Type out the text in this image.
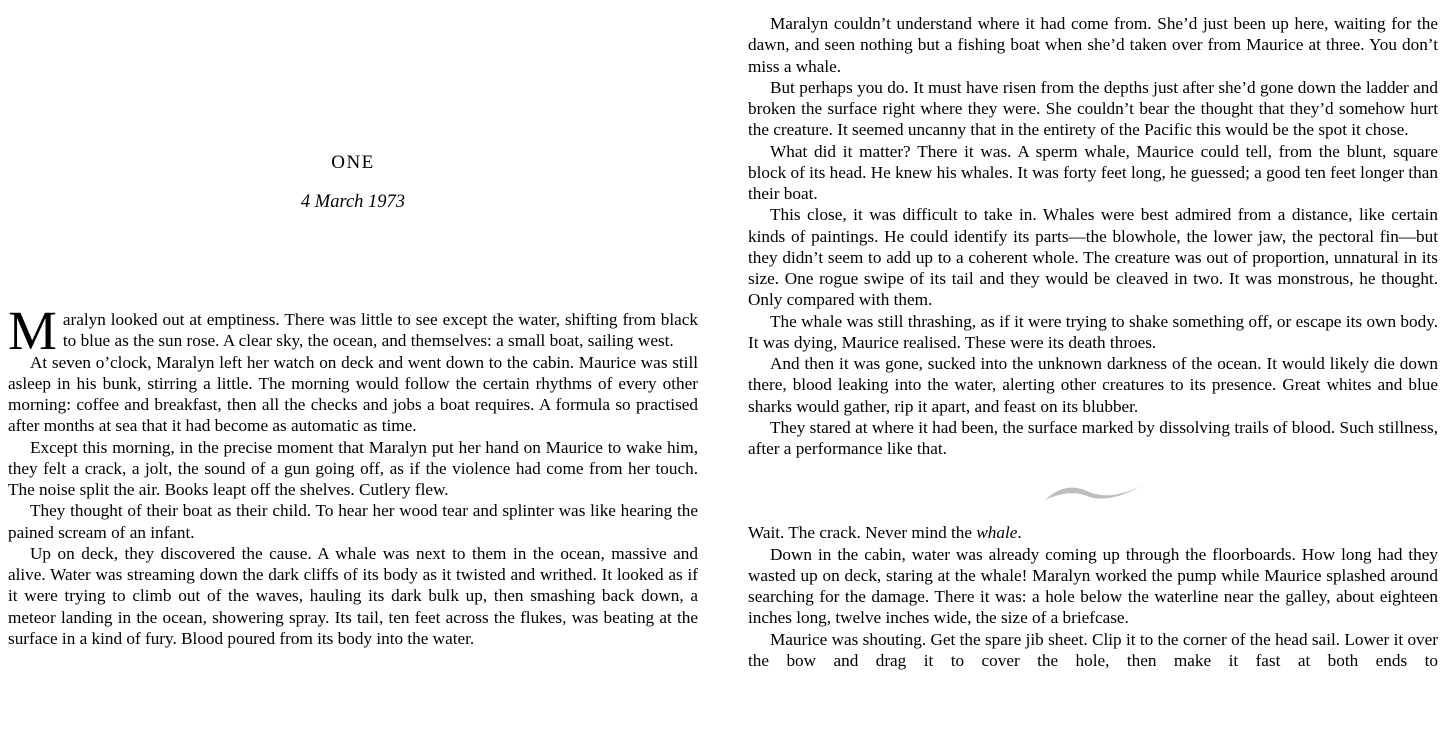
ONE
4 March 1973

Maralyn looked out at emptiness. There was little to see except the water, shifting from black to blue as the sun rose. A clear sky, the ocean, and themselves: a small boat, sailing west.

At seven o’clock, Maralyn left her watch on deck and went down to the cabin. Maurice was still asleep in his bunk, stirring a little. The morning would follow the certain rhythms of every other morning: coffee and breakfast, then all the checks and jobs a boat requires. A formula so practised after months at sea that it had become as automatic as time.

Except this morning, in the precise moment that Maralyn put her hand on Maurice to wake him, they felt a crack, a jolt, the sound of a gun going off, as if the violence had come from her touch. The noise split the air. Books leapt off the shelves. Cutlery flew.

They thought of their boat as their child. To hear her wood tear and splinter was like hearing the pained scream of an infant.

Up on deck, they discovered the cause. A whale was next to them in the ocean, massive and alive. Water was streaming down the dark cliffs of its body as it twisted and writhed. It looked as if it were trying to climb out of the waves, hauling its dark bulk up, then smashing back down, a meteor landing in the ocean, showering spray. Its tail, ten feet across the flukes, was beating at the surface in a kind of fury. Blood poured from its body into the water.

Maralyn couldn’t understand where it had come from. She’d just been up here, waiting for the dawn, and seen nothing but a fishing boat when she’d taken over from Maurice at three. You don’t miss a whale.

But perhaps you do. It must have risen from the depths just after she’d gone down the ladder and broken the surface right where they were. She couldn’t bear the thought that they’d somehow hurt the creature. It seemed uncanny that in the entirety of the Pacific this would be the spot it chose.

What did it matter? There it was. A sperm whale, Maurice could tell, from the blunt, square block of its head. He knew his whales. It was forty feet long, he guessed; a good ten feet longer than their boat.

This close, it was difficult to take in. Whales were best admired from a distance, like certain kinds of paintings. He could identify its parts—the blowhole, the lower jaw, the pectoral fin—but they didn’t seem to add up to a coherent whole. The creature was out of proportion, unnatural in its size. One rogue swipe of its tail and they would be cleaved in two. It was monstrous, he thought. Only compared with them.

The whale was still thrashing, as if it were trying to shake something off, or escape its own body. It was dying, Maurice realised. These were its death throes.

And then it was gone, sucked into the unknown darkness of the ocean. It would likely die down there, blood leaking into the water, alerting other creatures to its presence. Great whites and blue sharks would gather, rip it apart, and feast on its blubber.

They stared at where it had been, the surface marked by dissolving trails of blood. Such stillness, after a performance like that.

Wait. The crack. Never mind the whale.

Down in the cabin, water was already coming up through the floorboards. How long had they wasted up on deck, staring at the whale! Maralyn worked the pump while Maurice splashed around searching for the damage. There it was: a hole below the waterline near the galley, about eighteen inches long, twelve inches wide, the size of a briefcase.

Maurice was shouting. Get the spare jib sheet. Clip it to the corner of the head sail. Lower it over the bow and drag it to cover the hole, then make it fast at both ends to
